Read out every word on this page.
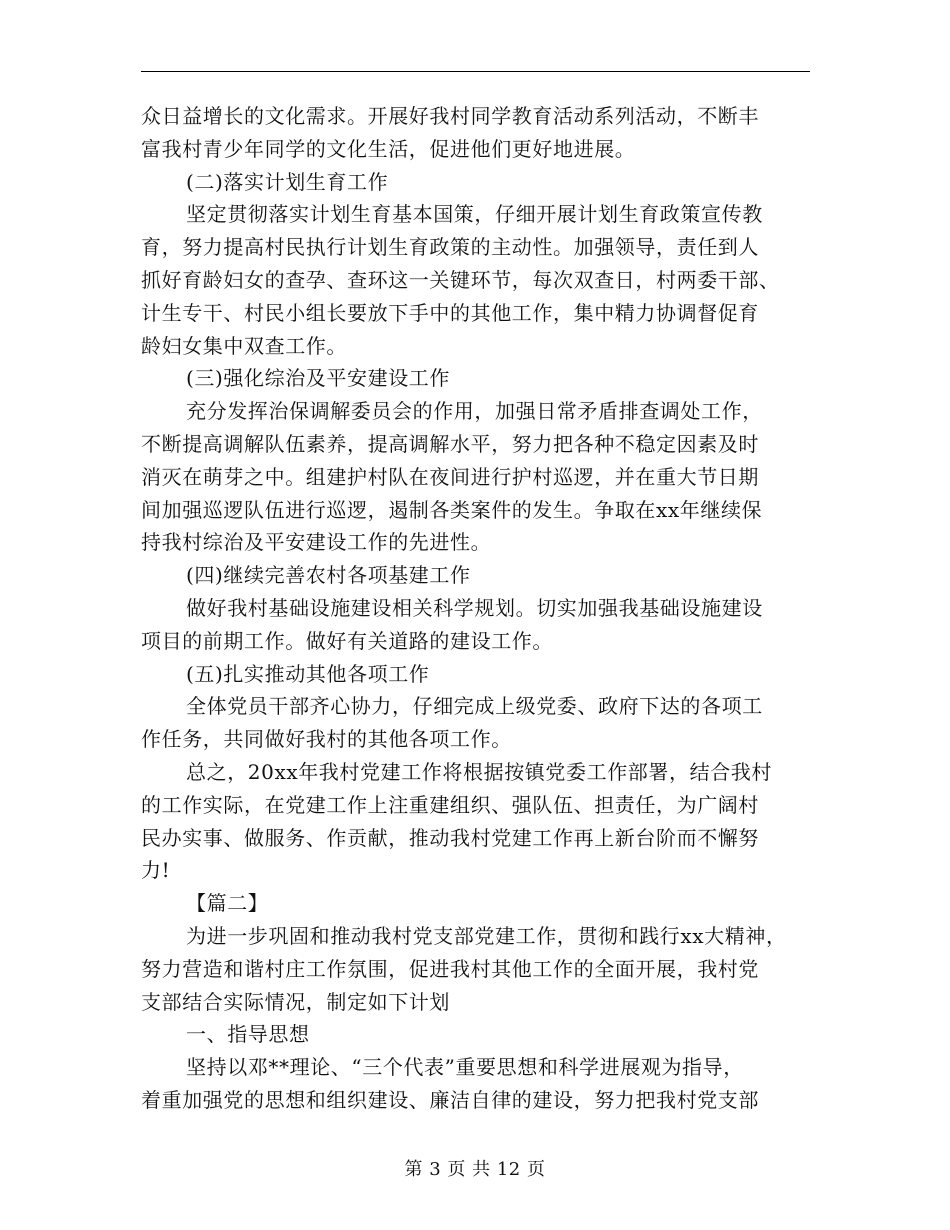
众日益增长的文化需求。开展好我村同学教育活动系列活动，不断丰
富我村青少年同学的文化生活，促进他们更好地进展。
(二)落实计划生育工作
坚定贯彻落实计划生育基本国策，仔细开展计划生育政策宣传教
育，努力提高村民执行计划生育政策的主动性。加强领导，责任到人
抓好育龄妇女的查孕、查环这一关键环节，每次双查日，村两委干部、
计生专干、村民小组长要放下手中的其他工作，集中精力协调督促育
龄妇女集中双查工作。
(三)强化综治及平安建设工作
充分发挥治保调解委员会的作用，加强日常矛盾排查调处工作，
不断提高调解队伍素养，提高调解水平，努力把各种不稳定因素及时
消灭在萌芽之中。组建护村队在夜间进行护村巡逻，并在重大节日期
间加强巡逻队伍进行巡逻，遏制各类案件的发生。争取在xx年继续保
持我村综治及平安建设工作的先进性。
(四)继续完善农村各项基建工作
做好我村基础设施建设相关科学规划。切实加强我基础设施建设
项目的前期工作。做好有关道路的建设工作。
(五)扎实推动其他各项工作
全体党员干部齐心协力，仔细完成上级党委、政府下达的各项工
作任务，共同做好我村的其他各项工作。
总之，20xx年我村党建工作将根据按镇党委工作部署，结合我村
的工作实际，在党建工作上注重建组织、强队伍、担责任，为广阔村
民办实事、做服务、作贡献，推动我村党建工作再上新台阶而不懈努
力!
【篇二】
为进一步巩固和推动我村党支部党建工作，贯彻和践行xx大精神，
努力营造和谐村庄工作氛围，促进我村其他工作的全面开展，我村党
支部结合实际情况，制定如下计划
一、指导思想
坚持以邓**理论、“三个代表”重要思想和科学进展观为指导，
着重加强党的思想和组织建设、廉洁自律的建设，努力把我村党支部
第 3 页 共 12 页
